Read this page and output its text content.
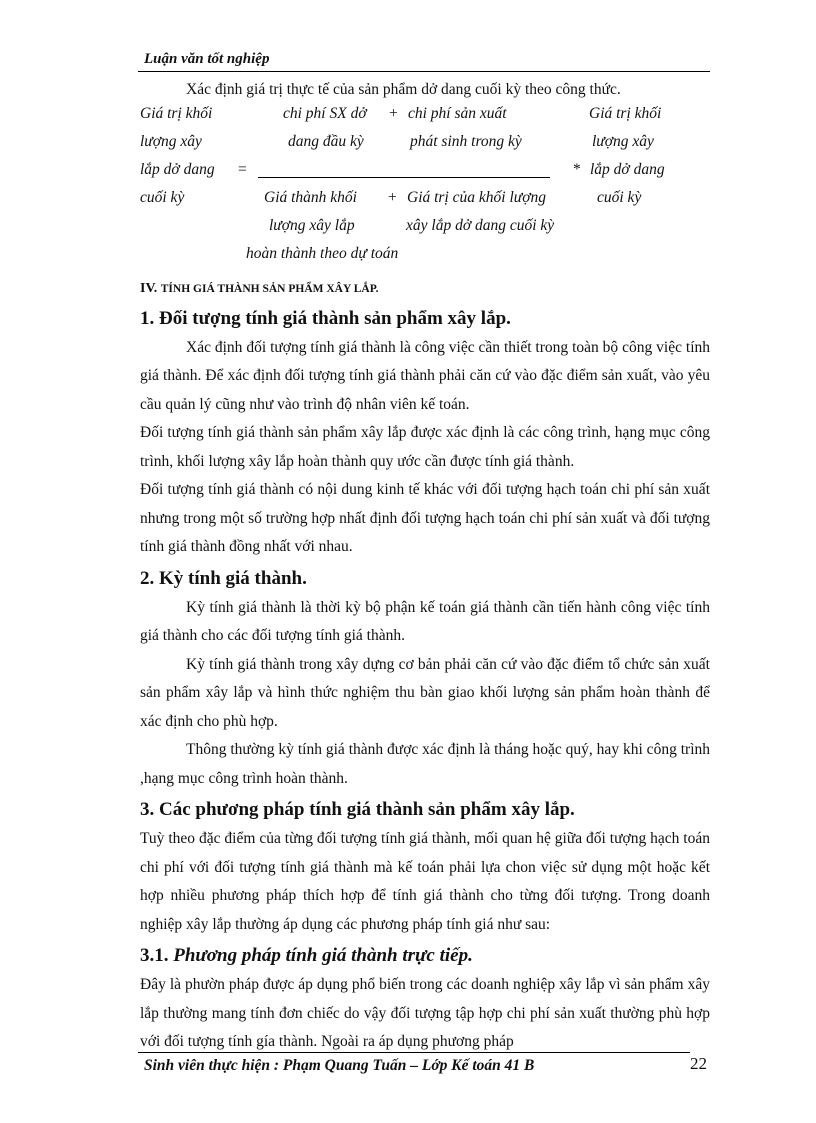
Luận văn tốt nghiệp

Xác định giá trị thực tế của sản phẩm dở dang cuối kỳ theo công thức.

Giá trị khối
lượng xây
lắp dở dang =
cuối kỳ
chi phí SX dở
dang đầu kỳ
+ chi phí sản xuất
phát sinh trong kỳ
*
Giá trị khối
lượng xây
lắp dở dang
cuối kỳ
Giá thành khối
lượng xây lắp
hoàn thành theo dự toán
+ Giá trị của khối lượng
xây lắp dở dang cuối kỳ
IV. TÍNH GIÁ THÀNH SẢN PHẨM XÂY LẮP.
1. Đối tượng tính giá thành sản phẩm xây lắp.

Xác định đối tượng tính giá thành là công việc cần thiết trong toàn bộ công việc tính giá thành. Để xác định đối tượng tính giá thành phải căn cứ vào đặc điểm sản xuất, vào yêu cầu quản lý cũng như vào trình độ nhân viên kế toán.

Đối tượng tính giá thành sản phẩm xây lắp được xác định là các công trình, hạng mục công trình, khối lượng xây lắp hoàn thành quy ước cần được tính giá thành.

Đối tượng tính giá thành có nội dung kinh tế khác với đối tượng hạch toán chi phí sản xuất nhưng trong một số trường hợp nhất định đối tượng hạch toán chi phí sản xuất và đối tượng tính giá thành đồng nhất với nhau.

2. Kỳ tính giá thành.

Kỳ tính giá thành là thời kỳ bộ phận kế toán giá thành cần tiến hành công việc tính giá thành cho các đối tượng tính giá thành.

Kỳ tính giá thành trong xây dựng cơ bản phải căn cứ vào đặc điểm tổ chức sản xuất sản phẩm xây lắp và hình thức nghiệm thu bàn giao khối lượng sản phẩm hoàn thành để xác định cho phù hợp.

Thông thường kỳ tính giá thành được xác định là tháng hoặc quý, hay khi công trình ,hạng mục công trình hoàn thành.

3. Các phương pháp tính giá thành sản phẩm xây lắp.

Tuỳ theo đặc điểm của từng đối tượng tính giá thành, mối quan hệ giữa đối tượng hạch toán chi phí với đối tượng tính giá thành mà kế toán phải lựa chon việc sử dụng một hoặc kết hợp nhiều phương pháp thích hợp để tính giá thành cho từng đối tượng. Trong doanh nghiệp xây lắp thường áp dụng các phương pháp tính giá như sau:

3.1. Phương pháp tính giá thành trực tiếp.

Đây là phườn pháp được áp dụng phổ biến trong các doanh nghiệp xây lắp vì sản phẩm xây lắp thường mang tính đơn chiếc do vậy đối tượng tập hợp chi phí sản xuất thường phù hợp với đối tượng tính gía thành. Ngoài ra áp dụng phương pháp

Sinh viên thực hiện : Phạm Quang Tuấn – Lớp Kế toán 41 B	22
